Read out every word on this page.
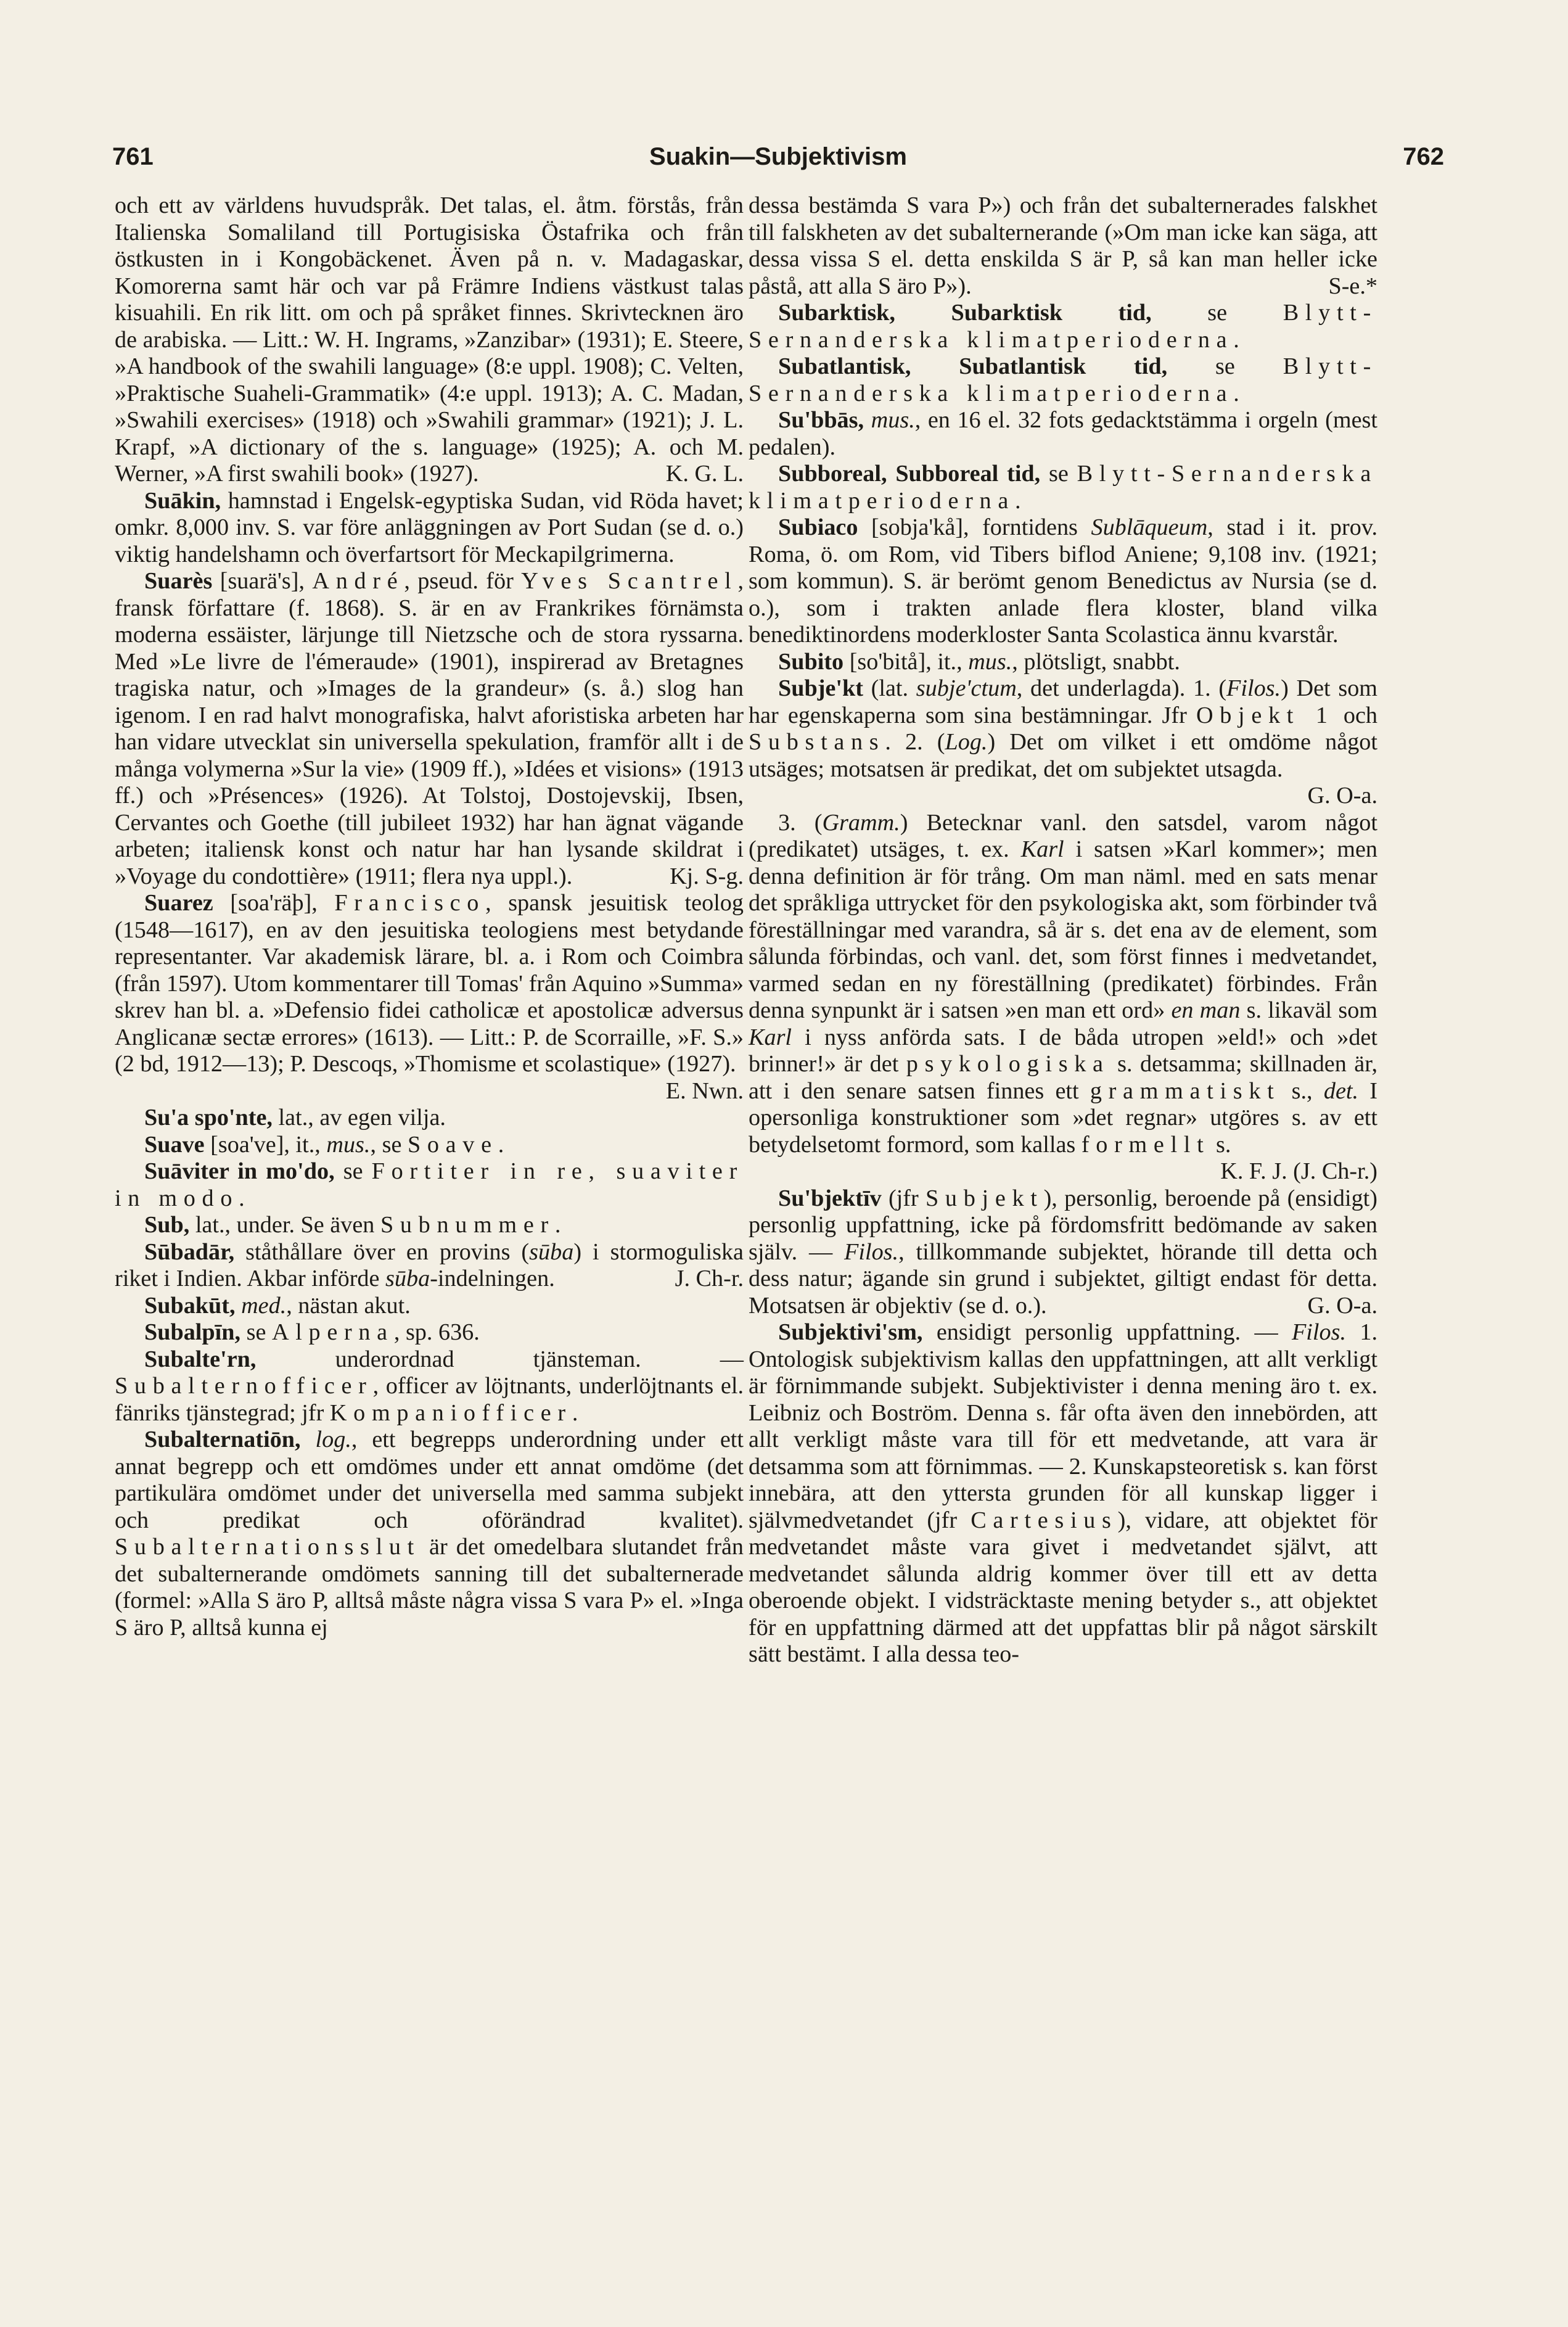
761	Suakin—Subjektivism	762

och ett av världens huvudspråk. Det talas, el. åtm. förstås, från Italienska Somaliland till Portugisiska Östafrika och från östkusten in i Kongobäckenet. Även på n. v. Madagaskar, Komorerna samt här och var på Främre Indiens västkust talas kisuahili. En rik litt. om och på språket finnes. Skrivtecknen äro de arabiska. — Litt.: W. H. Ingrams, »Zanzibar» (1931); E. Steere, »A handbook of the swahili language» (8:e uppl. 1908); C. Velten, »Praktische Suaheli-Grammatik» (4:e uppl. 1913); A. C. Madan, »Swahili exercises» (1918) och »Swahili grammar» (1921); J. L. Krapf, »A dictionary of the s. language» (1925); A. och M. Werner, »A first swahili book» (1927).	K. G. L.

Suākin, hamnstad i Engelsk-egyptiska Sudan, vid Röda havet; omkr. 8,000 inv. S. var före anläggningen av Port Sudan (se d. o.) viktig handelshamn och överfartsort för Meckapilgrimerna.

Suarès [suarä's], André, pseud. för Yves Scantrel, fransk författare (f. 1868). S. är en av Frankrikes förnämsta moderna essäister, lärjunge till Nietzsche och de stora ryssarna. Med »Le livre de l'émeraude» (1901), inspirerad av Bretagnes tragiska natur, och »Images de la grandeur» (s. å.) slog han igenom. I en rad halvt monografiska, halvt aforistiska arbeten har han vidare utvecklat sin universella spekulation, framför allt i de många volymerna »Sur la vie» (1909 ff.), »Idées et visions» (1913 ff.) och »Présences» (1926). At Tolstoj, Dostojevskij, Ibsen, Cervantes och Goethe (till jubileet 1932) har han ägnat vägande arbeten; italiensk konst och natur har han lysande skildrat i »Voyage du condottière» (1911; flera nya uppl.).	Kj. S-g.

Suarez [soa'räþ], Francisco, spansk jesuitisk teolog (1548—1617), en av den jesuitiska teologiens mest betydande representanter. Var akademisk lärare, bl. a. i Rom och Coimbra (från 1597). Utom kommentarer till Tomas' från Aquino »Summa» skrev han bl. a. »Defensio fidei catholicæ et apostolicæ adversus Anglicanæ sectæ errores» (1613). — Litt.: P. de Scorraille, »F. S.» (2 bd, 1912—13); P. Descoqs, »Thomisme et scolastique» (1927).
E. Nwn.

Su'a spo'nte, lat., av egen vilja.

Suave [soa've], it., mus., se Soave.

Suāviter in mo'do, se Fortiter in re, suaviter in modo.

Sub, lat., under. Se även Subnummer.

Sūbadār, ståthållare över en provins (sūba) i stormoguliska riket i Indien. Akbar införde sūba-indelningen.	J. Ch-r.

Subakūt, med., nästan akut.

Subalpīn, se Alperna, sp. 636.

Subalte'rn, underordnad tjänsteman. — Subalternofficer, officer av löjtnants, underlöjtnants el. fänriks tjänstegrad; jfr Kompaniofficer.

Subalternatiōn, log., ett begrepps underordning under ett annat begrepp och ett omdömes under ett annat omdöme (det partikulära omdömet under det universella med samma subjekt och predikat och oförändrad kvalitet). Subalternationsslut är det omedelbara slutandet från det subalternerande omdömets sanning till det subalternerade (formel: »Alla S äro P, alltså måste några vissa S vara P» el. »Inga S äro P, alltså kunna ej

dessa bestämda S vara P») och från det subalternerades falskhet till falskheten av det subalternerande (»Om man icke kan säga, att dessa vissa S el. detta enskilda S är P, så kan man heller icke påstå, att alla S äro P»).	S-e.*

Subarktisk, Subarktisk tid, se Blytt-Sernanderska klimatperioderna.

Subatlantisk, Subatlantisk tid, se Blytt-Sernanderska klimatperioderna.

Su'bbās, mus., en 16 el. 32 fots gedacktstämma i orgeln (mest pedalen).

Subboreal, Subboreal tid, se Blytt-Sernanderska klimatperioderna.

Subiaco [sobja'kå], forntidens Sublāqueum, stad i it. prov. Roma, ö. om Rom, vid Tibers biflod Aniene; 9,108 inv. (1921; som kommun). S. är berömt genom Benedictus av Nursia (se d. o.), som i trakten anlade flera kloster, bland vilka benediktinordens moderkloster Santa Scolastica ännu kvarstår.

Subito [so'bitå], it., mus., plötsligt, snabbt.

Subje'kt (lat. subje'ctum, det underlagda). 1. (Filos.) Det som har egenskaperna som sina bestämningar. Jfr Objekt 1 och Substans. 2. (Log.) Det om vilket i ett omdöme något utsäges; motsatsen är predikat, det om subjektet utsagda.
G. O-a.

3. (Gramm.) Betecknar vanl. den satsdel, varom något (predikatet) utsäges, t. ex. Karl i satsen »Karl kommer»; men denna definition är för trång. Om man näml. med en sats menar det språkliga uttrycket för den psykologiska akt, som förbinder två föreställningar med varandra, så är s. det ena av de element, som sålunda förbindas, och vanl. det, som först finnes i medvetandet, varmed sedan en ny föreställning (predikatet) förbindes. Från denna synpunkt är i satsen »en man ett ord» en man s. likaväl som Karl i nyss anförda sats. I de båda utropen »eld!» och »det brinner!» är det psykologiska s. detsamma; skillnaden är, att i den senare satsen finnes ett grammatiskt s., det. I opersonliga konstruktioner som »det regnar» utgöres s. av ett betydelsetomt formord, som kallas formellt s.
K. F. J. (J. Ch-r.)

Su'bjektīv (jfr Subjekt), personlig, beroende på (ensidigt) personlig uppfattning, icke på fördomsfritt bedömande av saken själv. — Filos., tillkommande subjektet, hörande till detta och dess natur; ägande sin grund i subjektet, giltigt endast för detta. Motsatsen är objektiv (se d. o.).	G. O-a.

Subjektivi'sm, ensidigt personlig uppfattning. — Filos. 1. Ontologisk subjektivism kallas den uppfattningen, att allt verkligt är förnimmande subjekt. Subjektivister i denna mening äro t. ex. Leibniz och Boström. Denna s. får ofta även den innebörden, att allt verkligt måste vara till för ett medvetande, att vara är detsamma som att förnimmas. — 2. Kunskapsteoretisk s. kan först innebära, att den yttersta grunden för all kunskap ligger i självmedvetandet (jfr Cartesius), vidare, att objektet för medvetandet måste vara givet i medvetandet självt, att medvetandet sålunda aldrig kommer över till ett av detta oberoende objekt. I vidsträcktaste mening betyder s., att objektet för en uppfattning därmed att det uppfattas blir på något särskilt sätt bestämt. I alla dessa teo-
